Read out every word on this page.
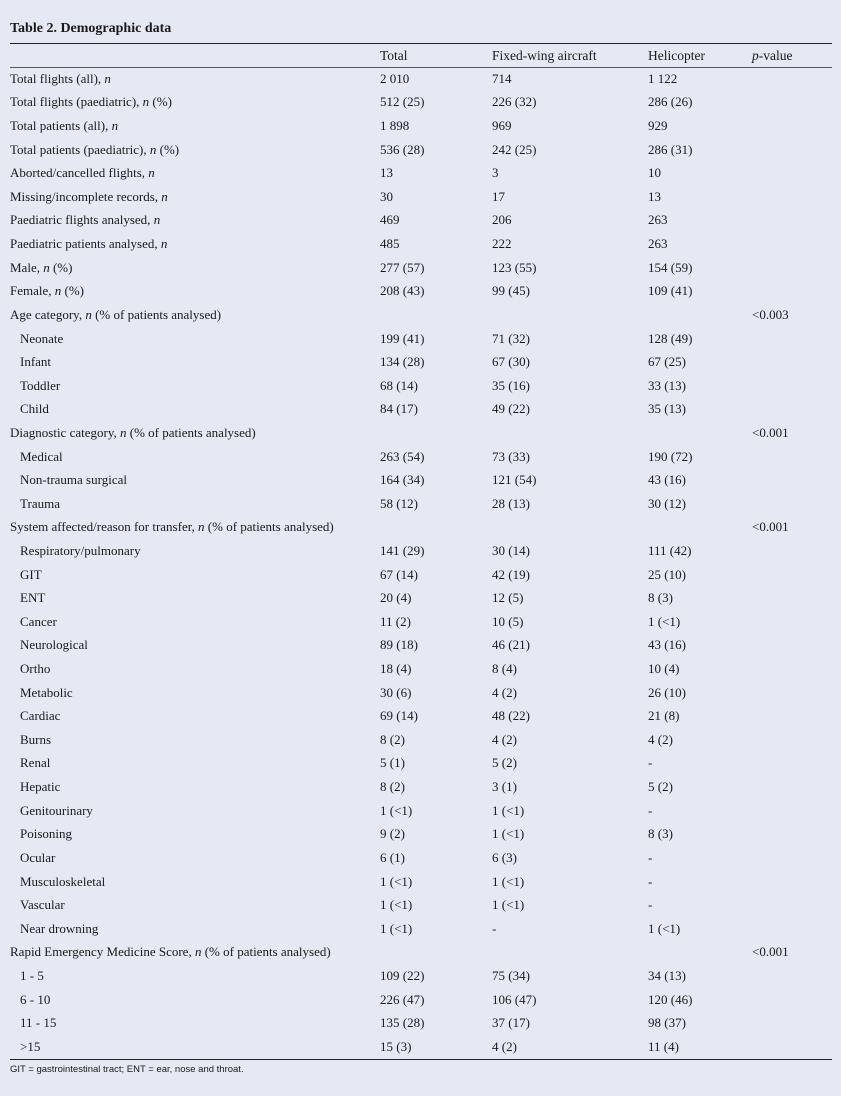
Table 2. Demographic data
	Total	Fixed-wing aircraft	Helicopter	p-value
Total flights (all), n	2 010	714	1 122	
Total flights (paediatric), n (%)	512 (25)	226 (32)	286 (26)	
Total patients (all), n	1 898	969	929	
Total patients (paediatric), n (%)	536 (28)	242 (25)	286 (31)	
Aborted/cancelled flights, n	13	3	10	
Missing/incomplete records, n	30	17	13	
Paediatric flights analysed, n	469	206	263	
Paediatric patients analysed, n	485	222	263	
Male, n (%)	277 (57)	123 (55)	154 (59)	
Female, n (%)	208 (43)	99 (45)	109 (41)	
Age category, n (% of patients analysed)				<0.003
Neonate	199 (41)	71 (32)	128 (49)	
Infant	134 (28)	67 (30)	67 (25)	
Toddler	68 (14)	35 (16)	33 (13)	
Child	84 (17)	49 (22)	35 (13)	
Diagnostic category, n (% of patients analysed)				<0.001
Medical	263 (54)	73 (33)	190 (72)	
Non-trauma surgical	164 (34)	121 (54)	43 (16)	
Trauma	58 (12)	28 (13)	30 (12)	
System affected/reason for transfer, n (% of patients analysed)				<0.001
Respiratory/pulmonary	141 (29)	30 (14)	111 (42)	
GIT	67 (14)	42 (19)	25 (10)	
ENT	20 (4)	12 (5)	8 (3)	
Cancer	11 (2)	10 (5)	1 (<1)	
Neurological	89 (18)	46 (21)	43 (16)	
Ortho	18 (4)	8 (4)	10 (4)	
Metabolic	30 (6)	4 (2)	26 (10)	
Cardiac	69 (14)	48 (22)	21 (8)	
Burns	8 (2)	4 (2)	4 (2)	
Renal	5 (1)	5 (2)	-	
Hepatic	8 (2)	3 (1)	5 (2)	
Genitourinary	1 (<1)	1 (<1)	-	
Poisoning	9 (2)	1 (<1)	8 (3)	
Ocular	6 (1)	6 (3)	-	
Musculoskeletal	1 (<1)	1 (<1)	-	
Vascular	1 (<1)	1 (<1)	-	
Near drowning	1 (<1)	-	1 (<1)	
Rapid Emergency Medicine Score, n (% of patients analysed)				<0.001
1 - 5	109 (22)	75 (34)	34 (13)	
6 - 10	226 (47)	106 (47)	120 (46)	
11 - 15	135 (28)	37 (17)	98 (37)	
>15	15 (3)	4 (2)	11 (4)	
GIT = gastrointestinal tract; ENT = ear, nose and throat.
